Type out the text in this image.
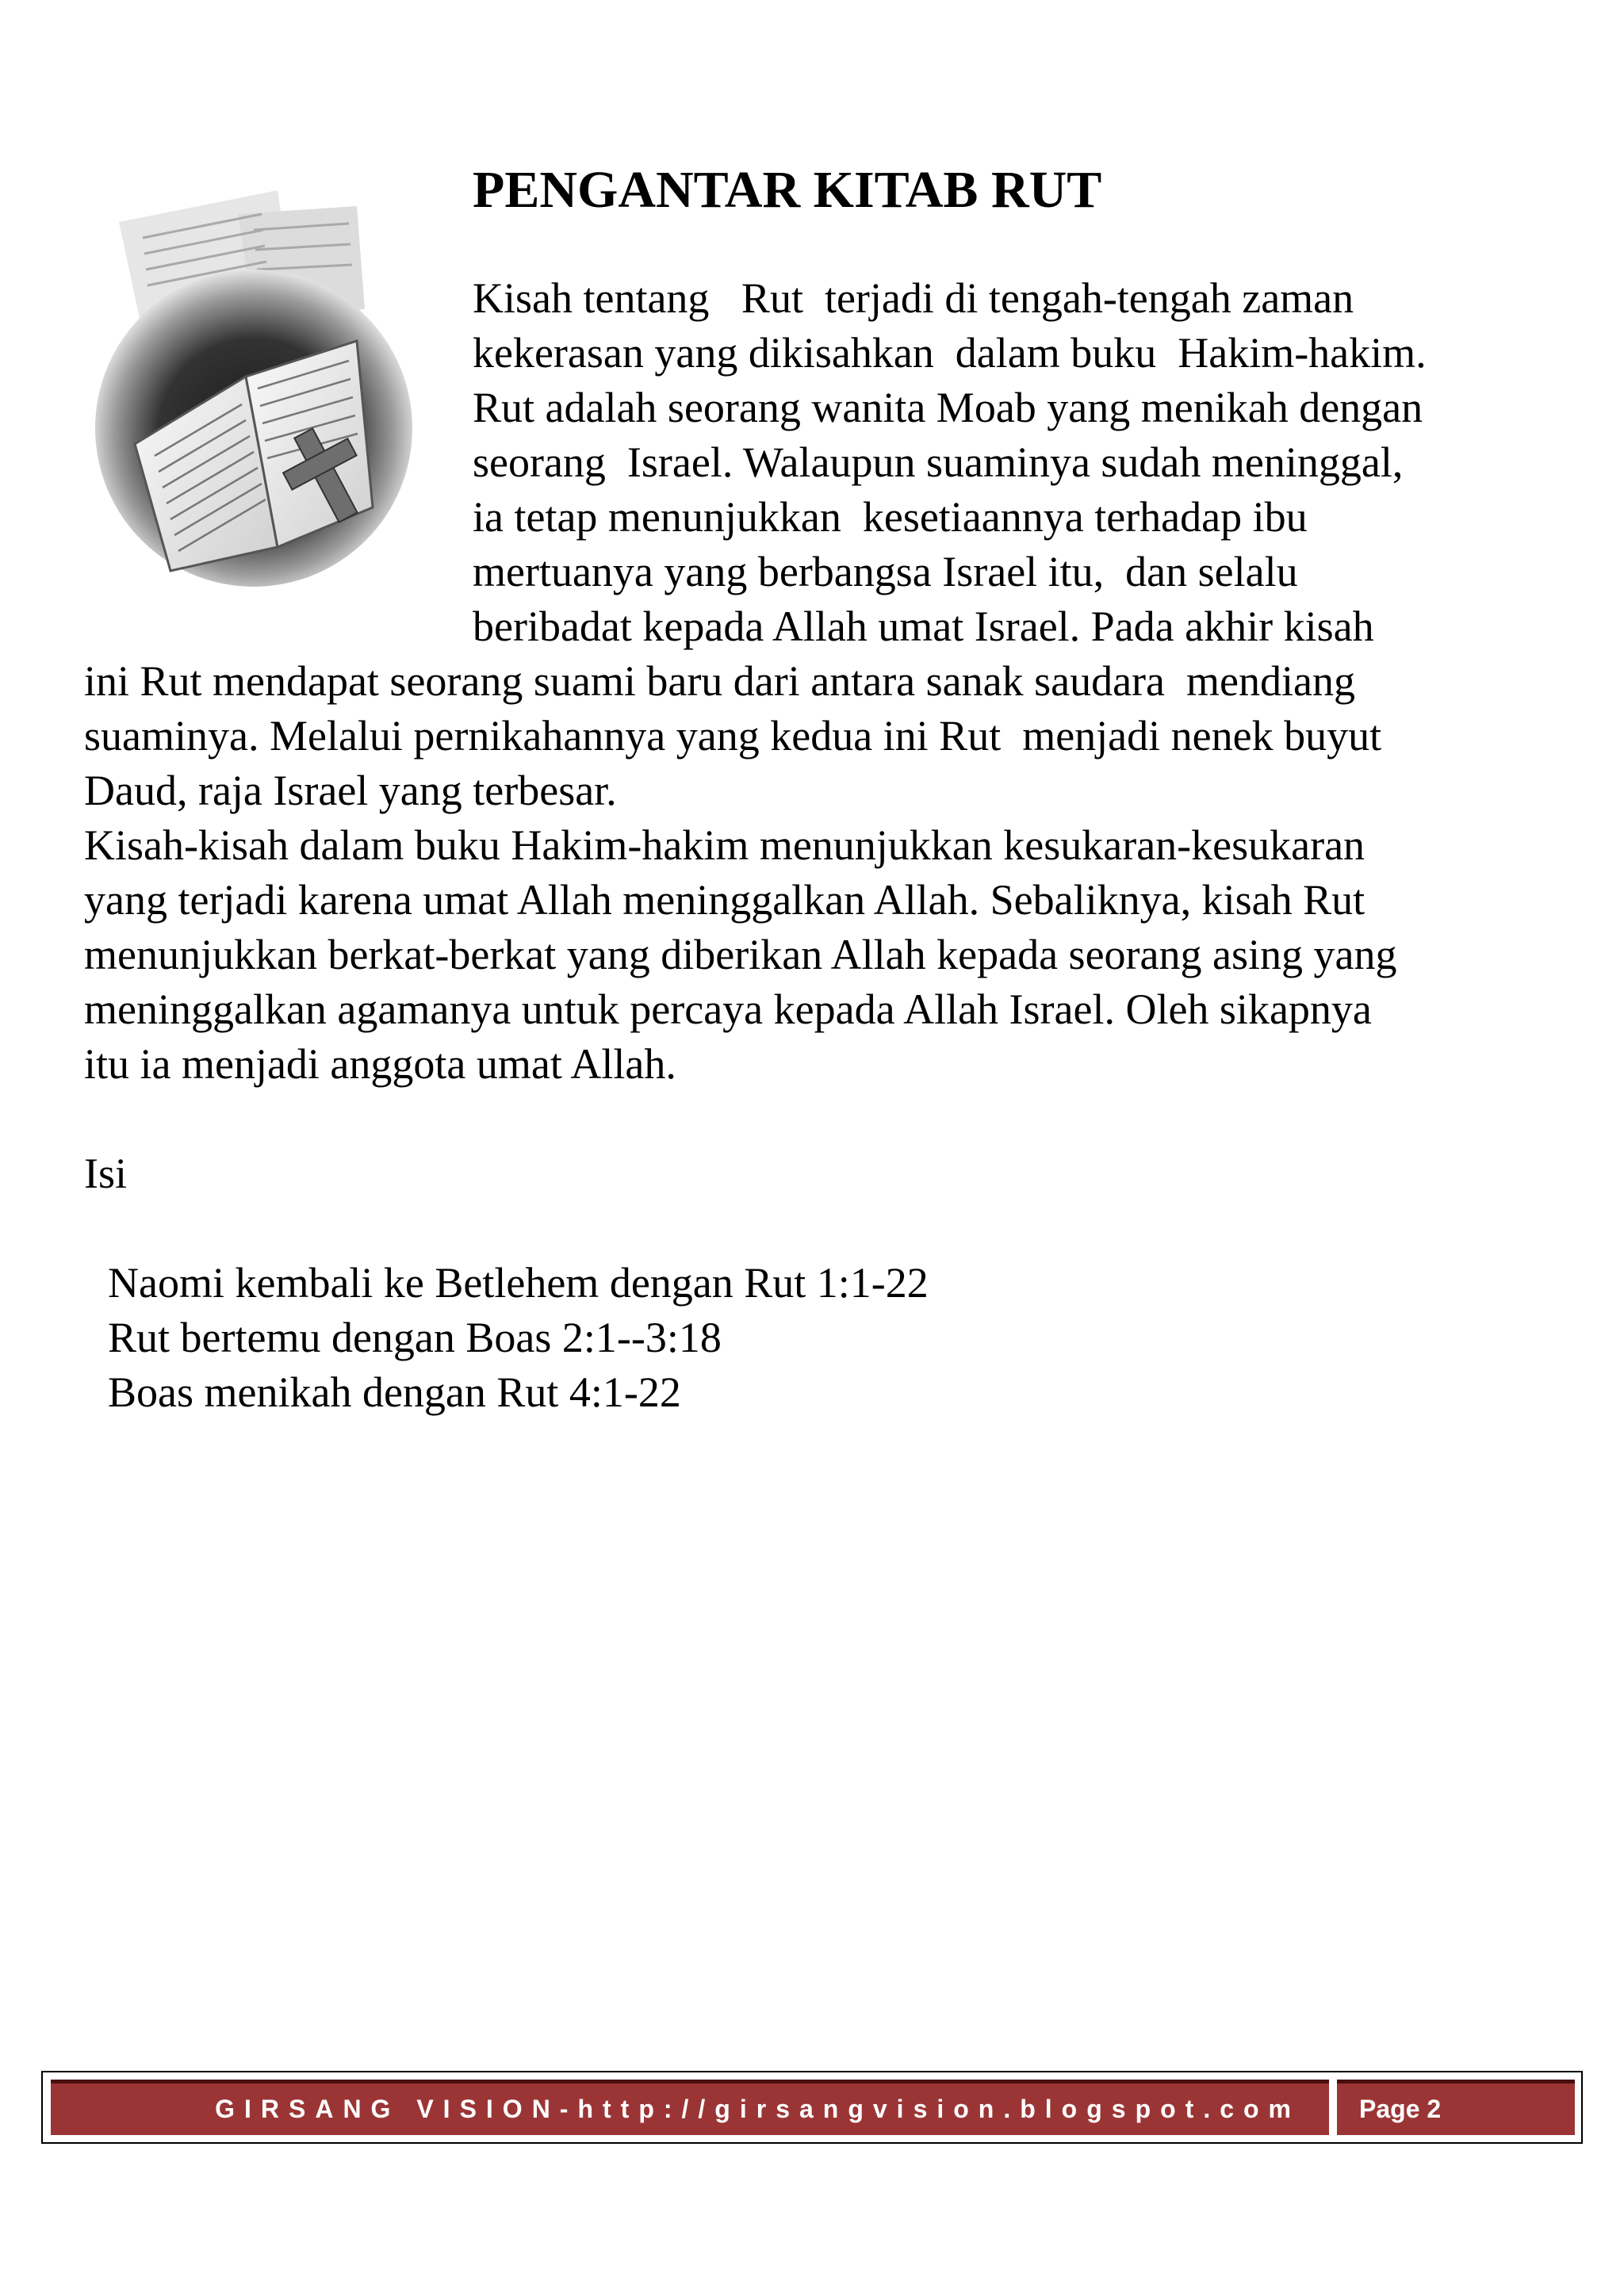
PENGANTAR KITAB RUT
Kisah tentang   Rut  terjadi di tengah-tengah zaman
kekerasan yang dikisahkan  dalam buku  Hakim-hakim.
Rut adalah seorang wanita Moab yang menikah dengan
seorang  Israel. Walaupun suaminya sudah meninggal,
ia tetap menunjukkan  kesetiaannya terhadap ibu
mertuanya yang berbangsa Israel itu,  dan selalu
beribadat kepada Allah umat Israel. Pada akhir kisah
ini Rut mendapat seorang suami baru dari antara sanak saudara  mendiang
suaminya. Melalui pernikahannya yang kedua ini Rut  menjadi nenek buyut
Daud, raja Israel yang terbesar.
Kisah-kisah dalam buku Hakim-hakim menunjukkan kesukaran-kesukaran
yang terjadi karena umat Allah meninggalkan Allah. Sebaliknya, kisah Rut
menunjukkan berkat-berkat yang diberikan Allah kepada seorang asing yang
meninggalkan agamanya untuk percaya kepada Allah Israel. Oleh sikapnya
itu ia menjadi anggota umat Allah.
Isi
Naomi kembali ke Betlehem dengan Rut 1:1-22
Rut bertemu dengan Boas 2:1--3:18
Boas menikah dengan Rut 4:1-22
GIRSANG VISION-http://girsangvision.blogspot.com	Page 2
